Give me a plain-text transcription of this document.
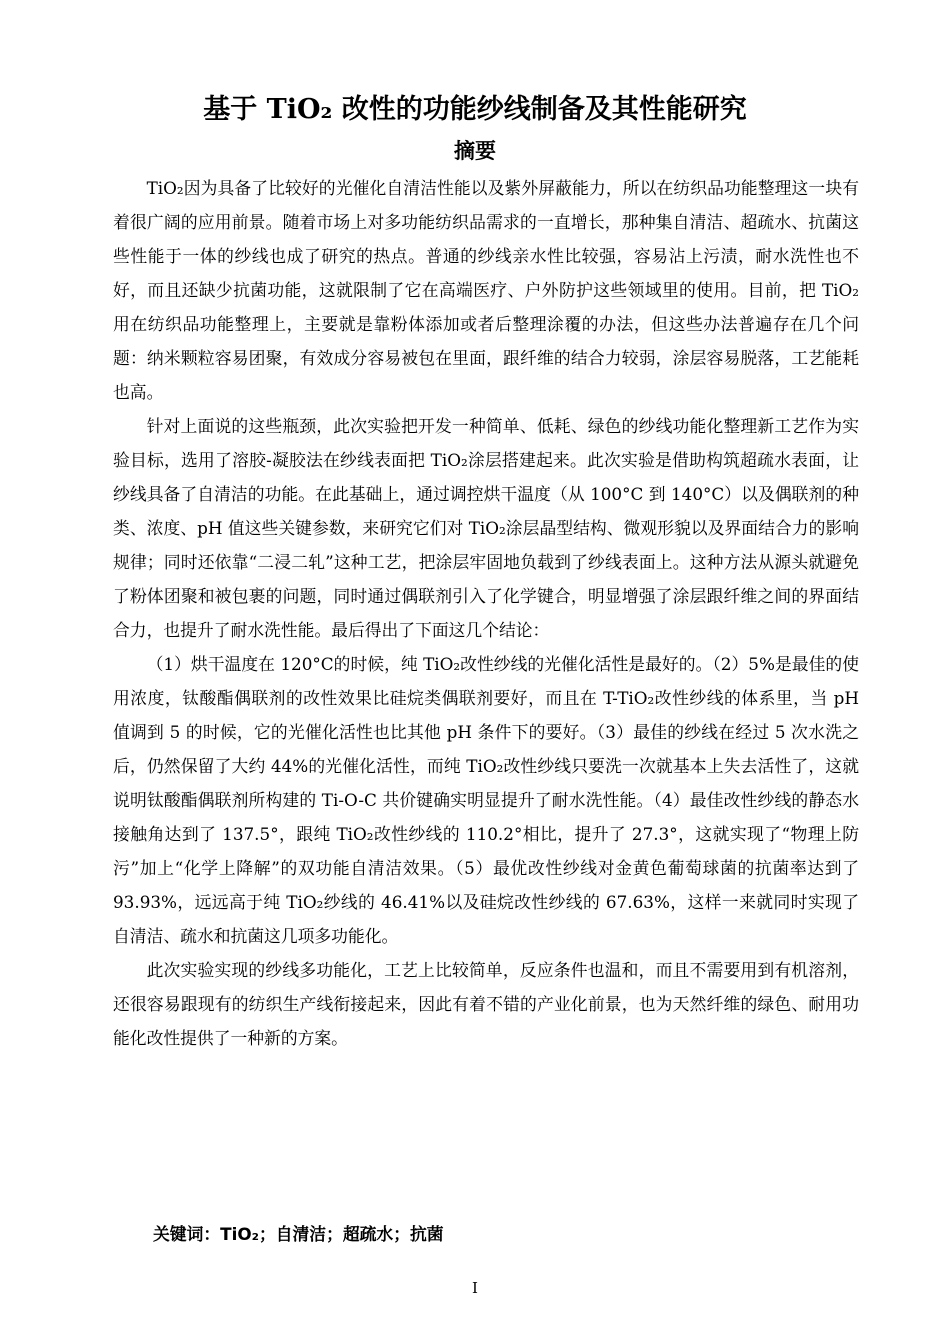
基于 TiO₂ 改性的功能纱线制备及其性能研究
摘要

TiO₂因为具备了比较好的光催化自清洁性能以及紫外屏蔽能力，所以在纺织品功能整理这一块有着很广阔的应用前景。随着市场上对多功能纺织品需求的一直增长，那种集自清洁、超疏水、抗菌这些性能于一体的纱线也成了研究的热点。普通的纱线亲水性比较强，容易沾上污渍，耐水洗性也不好，而且还缺少抗菌功能，这就限制了它在高端医疗、户外防护这些领域里的使用。目前，把 TiO₂用在纺织品功能整理上，主要就是靠粉体添加或者后整理涂覆的办法，但这些办法普遍存在几个问题：纳米颗粒容易团聚，有效成分容易被包在里面，跟纤维的结合力较弱，涂层容易脱落，工艺能耗也高。

针对上面说的这些瓶颈，此次实验把开发一种简单、低耗、绿色的纱线功能化整理新工艺作为实验目标，选用了溶胶-凝胶法在纱线表面把 TiO₂涂层搭建起来。此次实验是借助构筑超疏水表面，让纱线具备了自清洁的功能。在此基础上，通过调控烘干温度（从 100°C 到 140°C）以及偶联剂的种类、浓度、pH 值这些关键参数，来研究它们对 TiO₂涂层晶型结构、微观形貌以及界面结合力的影响规律；同时还依靠“二浸二轧”这种工艺，把涂层牢固地负载到了纱线表面上。这种方法从源头就避免了粉体团聚和被包裹的问题，同时通过偶联剂引入了化学键合，明显增强了涂层跟纤维之间的界面结合力，也提升了耐水洗性能。最后得出了下面这几个结论：

（1）烘干温度在 120°C的时候，纯 TiO₂改性纱线的光催化活性是最好的。（2）5%是最佳的使用浓度，钛酸酯偶联剂的改性效果比硅烷类偶联剂要好，而且在 T-TiO₂改性纱线的体系里，当 pH 值调到 5 的时候，它的光催化活性也比其他 pH 条件下的要好。（3）最佳的纱线在经过 5 次水洗之后，仍然保留了大约 44%的光催化活性，而纯 TiO₂改性纱线只要洗一次就基本上失去活性了，这就说明钛酸酯偶联剂所构建的 Ti-O-C 共价键确实明显提升了耐水洗性能。（4）最佳改性纱线的静态水接触角达到了 137.5°，跟纯 TiO₂改性纱线的 110.2°相比，提升了 27.3°，这就实现了“物理上防污”加上“化学上降解”的双功能自清洁效果。（5）最优改性纱线对金黄色葡萄球菌的抗菌率达到了 93.93%，远远高于纯 TiO₂纱线的 46.41%以及硅烷改性纱线的 67.63%，这样一来就同时实现了自清洁、疏水和抗菌这几项多功能化。

此次实验实现的纱线多功能化，工艺上比较简单，反应条件也温和，而且不需要用到有机溶剂，还很容易跟现有的纺织生产线衔接起来，因此有着不错的产业化前景，也为天然纤维的绿色、耐用功能化改性提供了一种新的方案。

关键词：TiO₂；自清洁；超疏水；抗菌
I
